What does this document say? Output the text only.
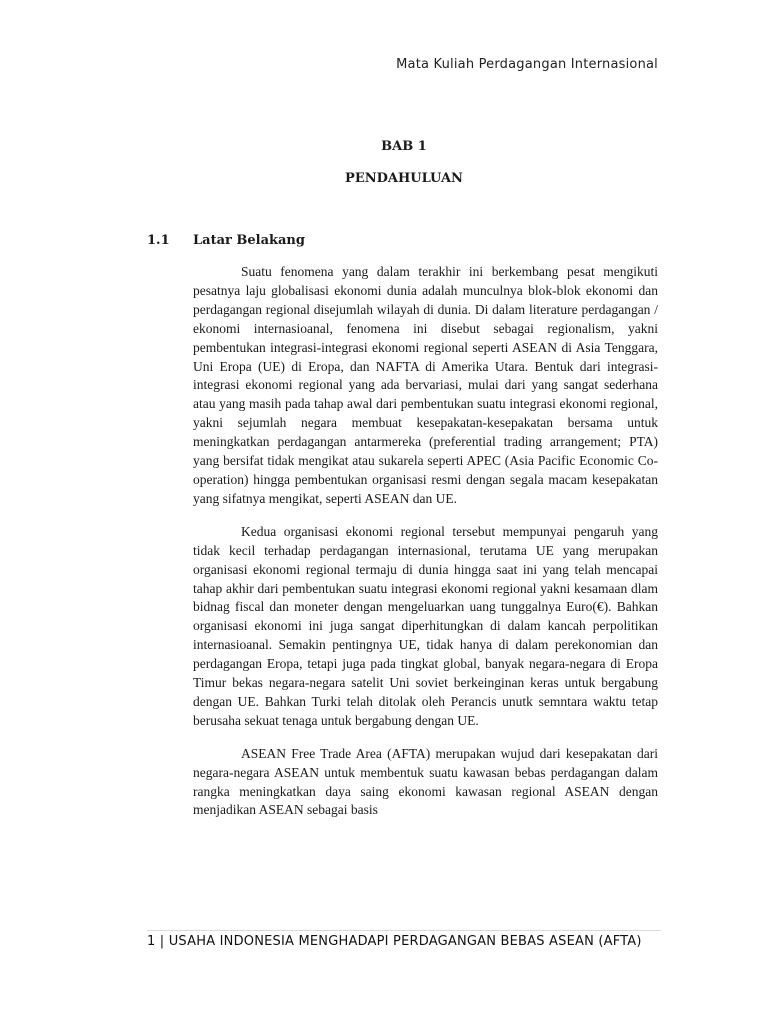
Mata Kuliah Perdagangan Internasional
BAB 1
PENDAHULUAN
1.1 Latar Belakang

Suatu fenomena yang dalam terakhir ini berkembang pesat mengikuti pesatnya laju globalisasi ekonomi dunia adalah munculnya blok-blok ekonomi dan perdagangan regional disejumlah wilayah di dunia. Di dalam literature perdagangan / ekonomi internasioanal, fenomena ini disebut sebagai regionalism, yakni pembentukan integrasi-integrasi ekonomi regional seperti ASEAN di Asia Tenggara, Uni Eropa (UE) di Eropa, dan NAFTA di Amerika Utara. Bentuk dari integrasi-integrasi ekonomi regional yang ada bervariasi, mulai dari yang sangat sederhana atau yang masih pada tahap awal dari pembentukan suatu integrasi ekonomi regional, yakni sejumlah negara membuat kesepakatan-kesepakatan bersama untuk meningkatkan perdagangan antarmereka (preferential trading arrangement; PTA) yang bersifat tidak mengikat atau sukarela seperti APEC (Asia Pacific Economic Co-operation) hingga pembentukan organisasi resmi dengan segala macam kesepakatan yang sifatnya mengikat, seperti ASEAN dan UE.

Kedua organisasi ekonomi regional tersebut mempunyai pengaruh yang tidak kecil terhadap perdagangan internasional, terutama UE yang merupakan organisasi ekonomi regional termaju di dunia hingga saat ini yang telah mencapai tahap akhir dari pembentukan suatu integrasi ekonomi regional yakni kesamaan dlam bidnag fiscal dan moneter dengan mengeluarkan uang tunggalnya Euro(€). Bahkan organisasi ekonomi ini juga sangat diperhitungkan di dalam kancah perpolitikan internasioanal. Semakin pentingnya UE, tidak hanya di dalam perekonomian dan perdagangan Eropa, tetapi juga pada tingkat global, banyak negara-negara di Eropa Timur bekas negara-negara satelit Uni soviet berkeinginan keras untuk bergabung dengan UE. Bahkan Turki telah ditolak oleh Perancis unutk semntara waktu tetap berusaha sekuat tenaga untuk bergabung dengan UE.

ASEAN Free Trade Area (AFTA) merupakan wujud dari kesepakatan dari negara-negara ASEAN untuk membentuk suatu kawasan bebas perdagangan dalam rangka meningkatkan daya saing ekonomi kawasan regional ASEAN dengan menjadikan ASEAN sebagai basis

1 | USAHA INDONESIA MENGHADAPI PERDAGANGAN BEBAS ASEAN (AFTA)
